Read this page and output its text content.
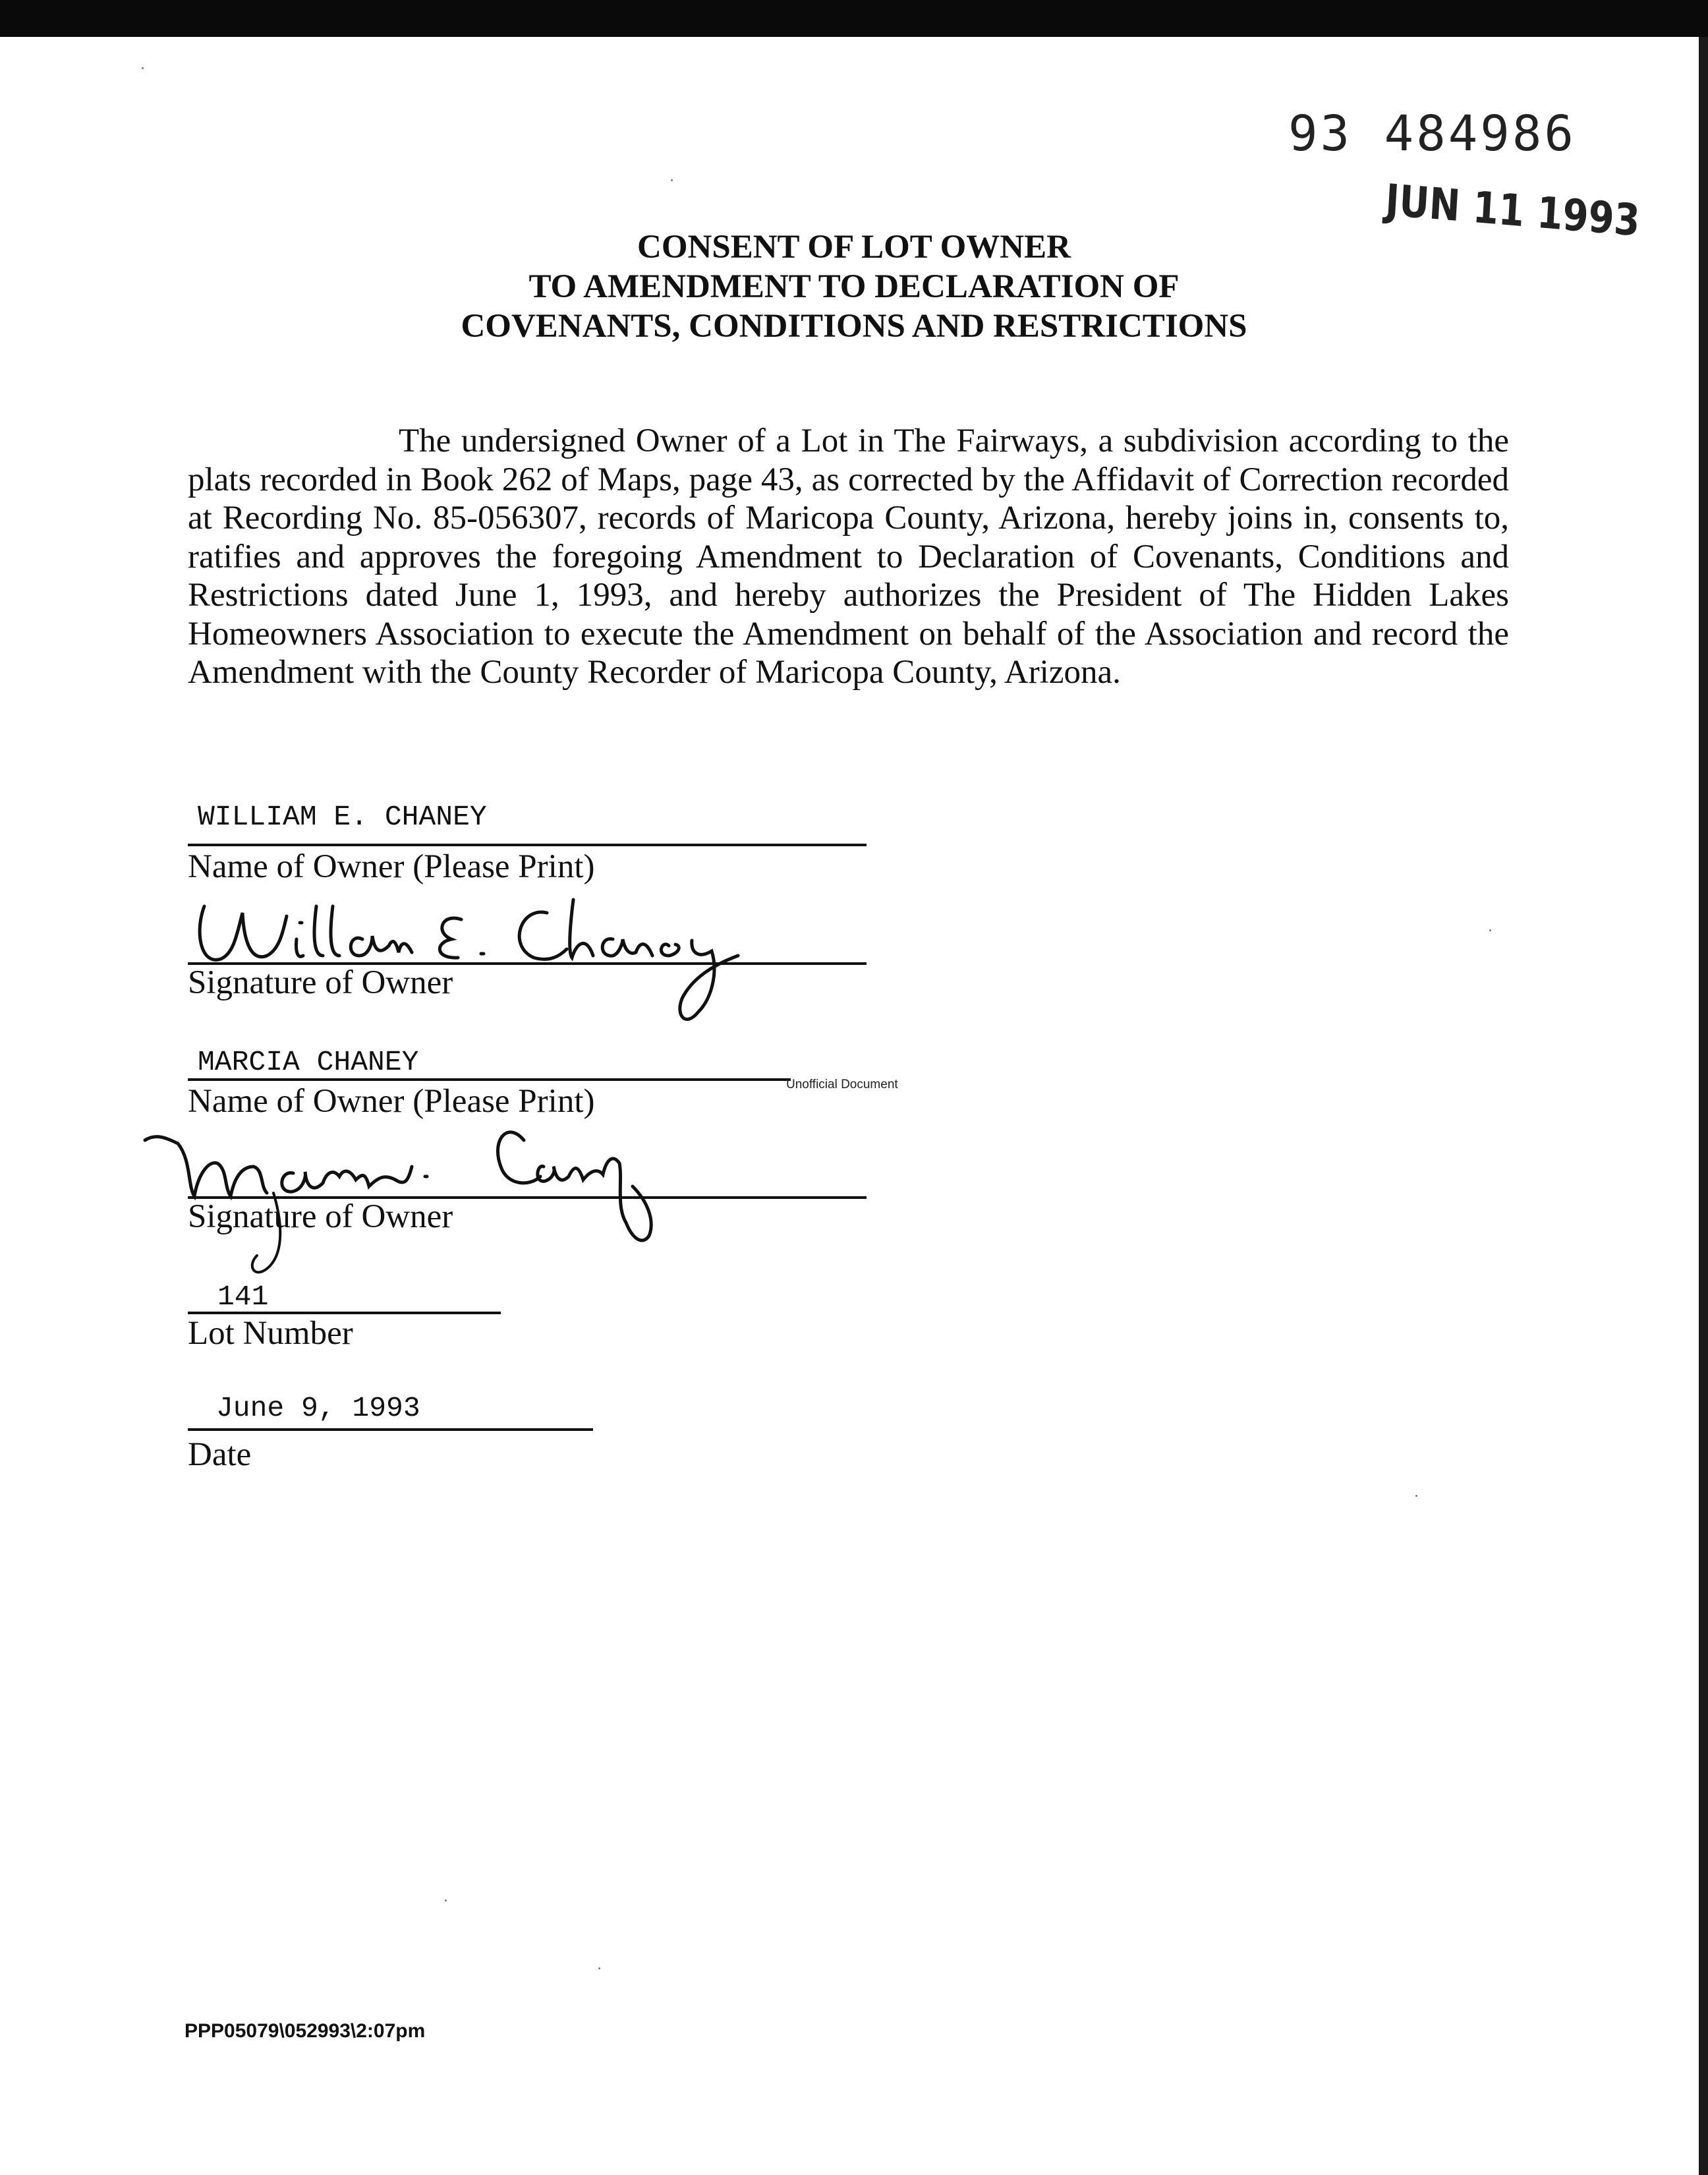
93 484986
JUN 11 1993
CONSENT OF LOT OWNER
TO AMENDMENT TO DECLARATION OF
COVENANTS, CONDITIONS AND RESTRICTIONS
The undersigned Owner of a Lot in The Fairways, a subdivision according to the plats recorded in Book 262 of Maps, page 43, as corrected by the Affidavit of Correction recorded at Recording No. 85-056307, records of Maricopa County, Arizona, hereby joins in, consents to, ratifies and approves the foregoing Amendment to Declaration of Covenants, Conditions and Restrictions dated June 1, 1993, and hereby authorizes the President of The Hidden Lakes Homeowners Association to execute the Amendment on behalf of the Association and record the Amendment with the County Recorder of Maricopa County, Arizona.
WILLIAM E. CHANEY
Name of Owner (Please Print)
Signature of Owner
MARCIA CHANEY
Unofficial Document
Name of Owner (Please Print)
Signature of Owner
141
Lot Number
June 9, 1993
Date
PPP05079\052993\2:07pm
